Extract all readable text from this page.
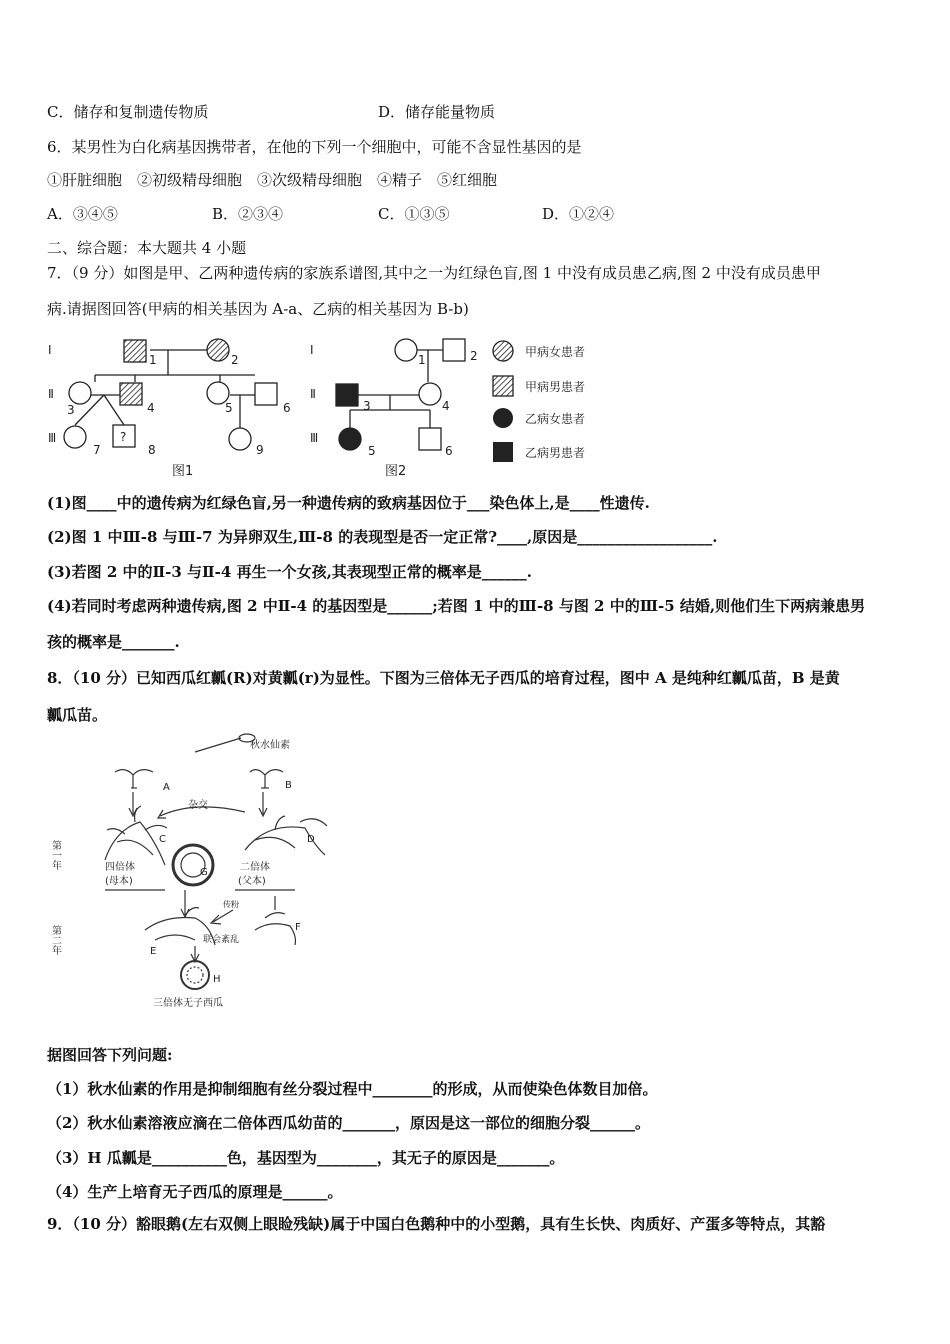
C．储存和复制遗传物质	D．储存能量物质
6．某男性为白化病基因携带者，在他的下列一个细胞中，可能不含显性基因的是
①肝脏细胞　②初级精母细胞　③次级精母细胞　④精子　⑤红细胞
A．③④⑤	B．②③④	C．①③⑤	D．①②④
二、综合题：本大题共 4 小题
7．（9 分）如图是甲、乙两种遗传病的家族系谱图,其中之一为红绿色盲,图 1 中没有成员患乙病,图 2 中没有成员患甲
病.请据图回答(甲病的相关基因为 A-a、乙病的相关基因为 B-b)
Ⅰ
Ⅱ
Ⅲ
1	2
3	4	5	6
7	8	9
?
图1
Ⅰ
Ⅱ
Ⅲ
1	2
3	4
5	6
图2
甲病女患者
甲病男患者
乙病女患者
乙病男患者
(1)图____中的遗传病为红绿色盲,另一种遗传病的致病基因位于___染色体上,是____性遗传.
(2)图 1 中Ⅲ-8 与Ⅲ-7 为异卵双生,Ⅲ-8 的表现型是否一定正常?____,原因是__________________.
(3)若图 2 中的Ⅱ-3 与Ⅱ-4 再生一个女孩,其表现型正常的概率是______.
(4)若同时考虑两种遗传病,图 2 中Ⅱ-4 的基因型是______;若图 1 中的Ⅲ-8 与图 2 中的Ⅲ-5 结婚,则他们生下两病兼患男
孩的概率是_______.
8．（10 分）已知西瓜红瓤(R)对黄瓤(r)为显性。下图为三倍体无子西瓜的培育过程，图中 A 是纯种红瓤瓜苗，B 是黄
瓤瓜苗。
秋水仙素
A	B
杂交
C	D
G
四倍体
(母本)
二倍体
(父本)
传粉
E
F
联会紊乱
H
三倍体无子西瓜
第一年
第二年
据图回答下列问题:
（1）秋水仙素的作用是抑制细胞有丝分裂过程中________的形成，从而使染色体数目加倍。
（2）秋水仙素溶液应滴在二倍体西瓜幼苗的_______，原因是这一部位的细胞分裂______。
（3）H 瓜瓤是__________色，基因型为________，其无子的原因是_______。
（4）生产上培育无子西瓜的原理是______。
9．（10 分）豁眼鹅(左右双侧上眼睑残缺)属于中国白色鹅种中的小型鹅，具有生长快、肉质好、产蛋多等特点，其豁
